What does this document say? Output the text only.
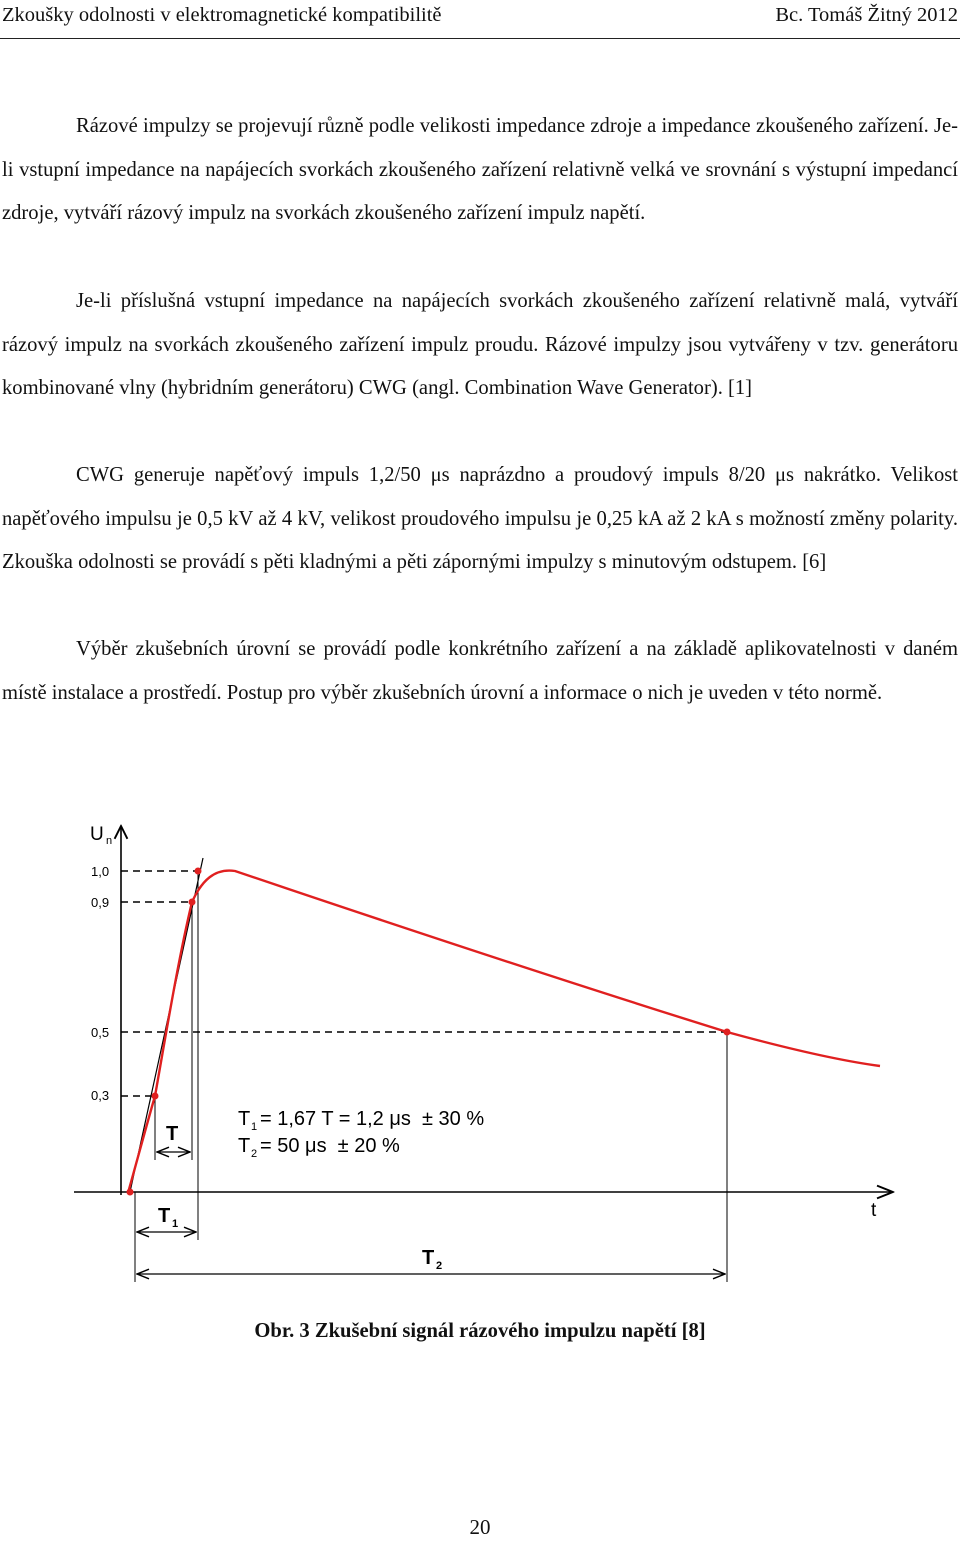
Zkoušky odolnosti v elektromagnetické kompatibilitě	Bc. Tomáš Žitný 2012

Rázové impulzy se projevují různě podle velikosti impedance zdroje a impedance zkoušeného zařízení. Je-li vstupní impedance na napájecích svorkách zkoušeného zařízení relativně velká ve srovnání s výstupní impedancí zdroje, vytváří rázový impulz na svorkách zkoušeného zařízení impulz napětí.

Je-li příslušná vstupní impedance na napájecích svorkách zkoušeného zařízení relativně malá, vytváří rázový impulz na svorkách zkoušeného zařízení impulz proudu. Rázové impulzy jsou vytvářeny v tzv. generátoru kombinované vlny (hybridním generátoru) CWG (angl. Combination Wave Generator). [1]

CWG generuje napěťový impuls 1,2/50 μs naprázdno a proudový impuls 8/20 μs nakrátko. Velikost napěťového impulsu je 0,5 kV až 4 kV, velikost proudového impulsu je 0,25 kA až 2 kA s možností změny polarity. Zkouška odolnosti se provádí s pěti kladnými a pěti zápornými impulzy s minutovým odstupem. [6]

Výběr zkušebních úrovní se provádí podle konkrétního zařízení a na základě aplikovatelnosti v daném místě instalace a prostředí. Postup pro výběr zkušebních úrovní a informace o nich je uveden v této normě.

U n
t
1,0
0,9
0,5
0,3
T
T 1
T 2
T 1 = 1,67 T = 1,2 μs  ± 30 %
T 2 = 50 μs  ± 20 %
Obr. 3 Zkušební signál rázového impulzu napětí [8]
20
